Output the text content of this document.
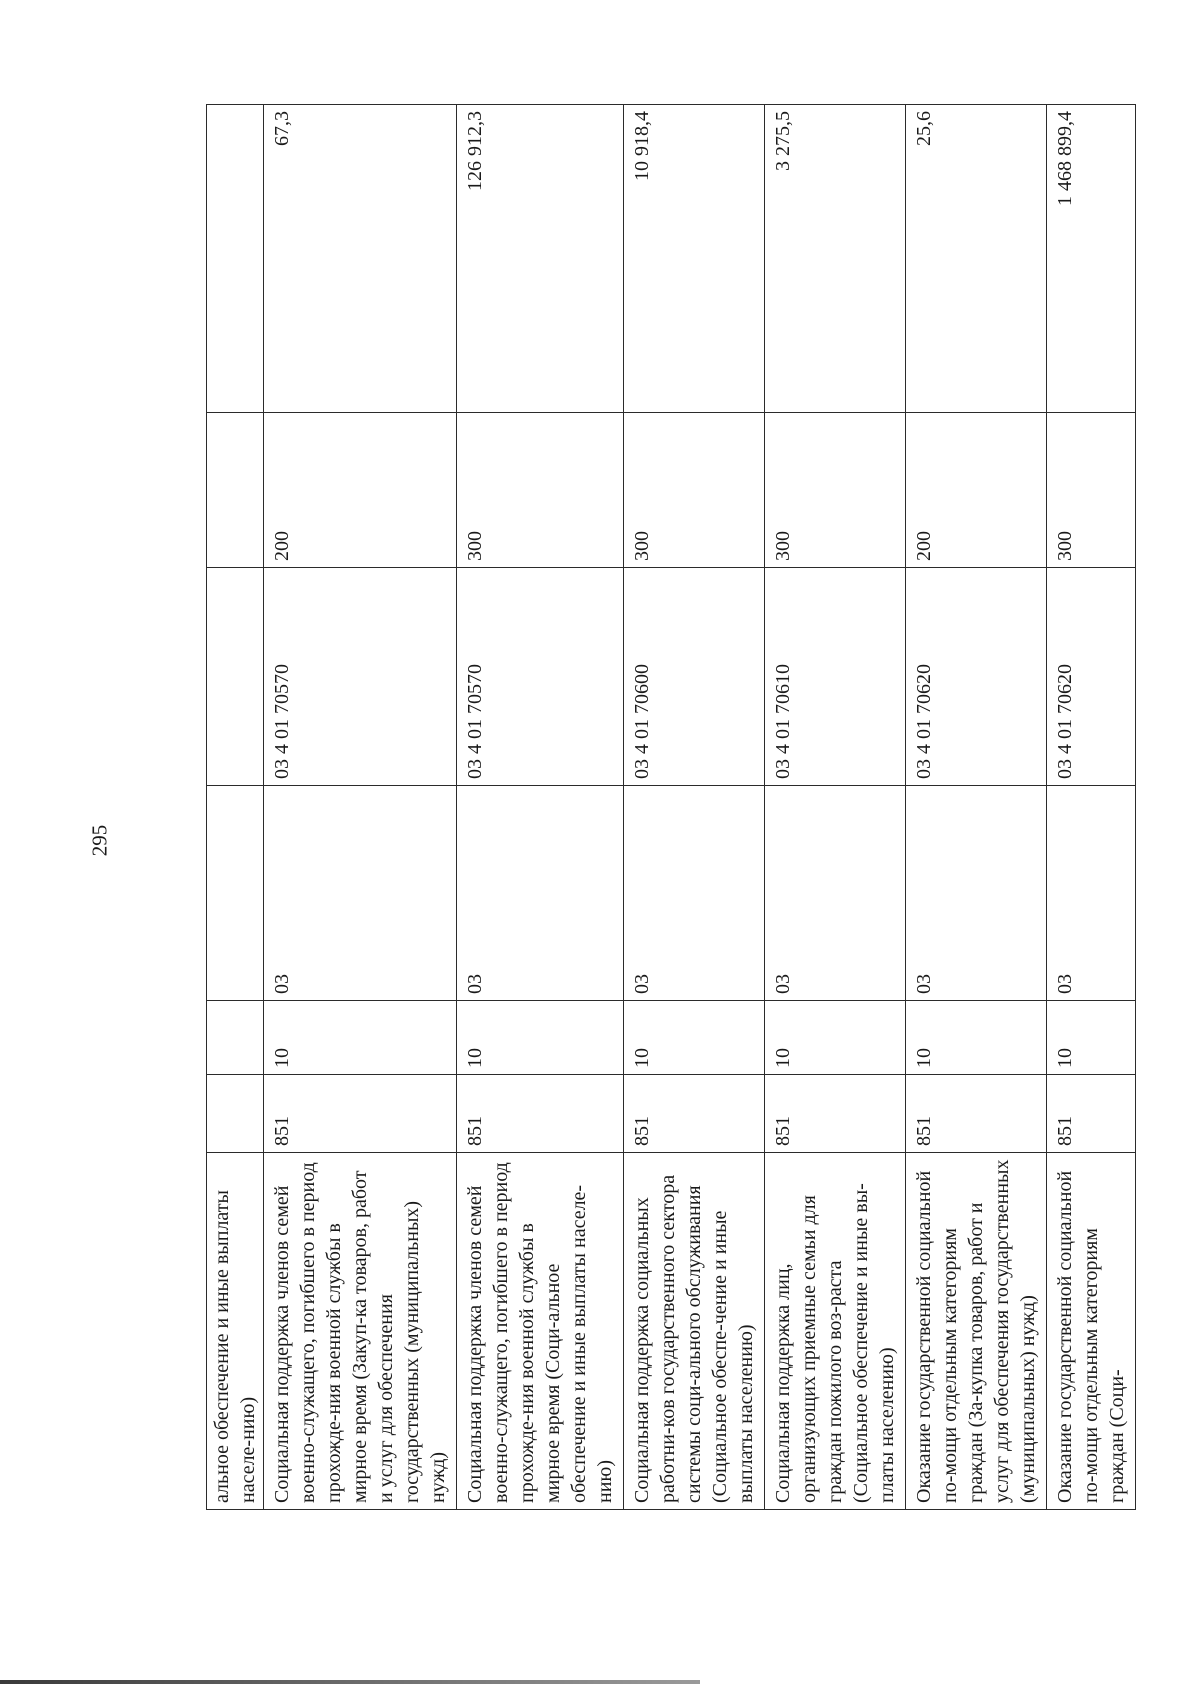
295
альное обеспечение и иные выплаты населе-нию)						
Социальная поддержка членов семей военно-служащего, погибшего в период прохожде-ния военной службы в мирное время (Закуп-ка товаров, работ и услуг для обеспечения государственных (муниципальных) нужд)	851	10	03	03 4 01 70570	200	67,3
Социальная поддержка членов семей военно-служащего, погибшего в период прохожде-ния военной службы в мирное время (Соци-альное обеспечение и иные выплаты населе-нию)	851	10	03	03 4 01 70570	300	126 912,3
Социальная поддержка социальных работни-ков государственного сектора системы соци-ального обслуживания (Социальное обеспе-чение и иные выплаты населению)	851	10	03	03 4 01 70600	300	10 918,4
Социальная поддержка лиц, организующих приемные семьи для граждан пожилого воз-раста (Социальное обеспечение и иные вы-платы населению)	851	10	03	03 4 01 70610	300	3 275,5
Оказание государственной социальной по-мощи отдельным категориям граждан (За-купка товаров, работ и услуг для обеспечения государственных (муниципальных) нужд)	851	10	03	03 4 01 70620	200	25,6
Оказание государственной социальной по-мощи отдельным категориям граждан (Соци-	851	10	03	03 4 01 70620	300	1 468 899,4
